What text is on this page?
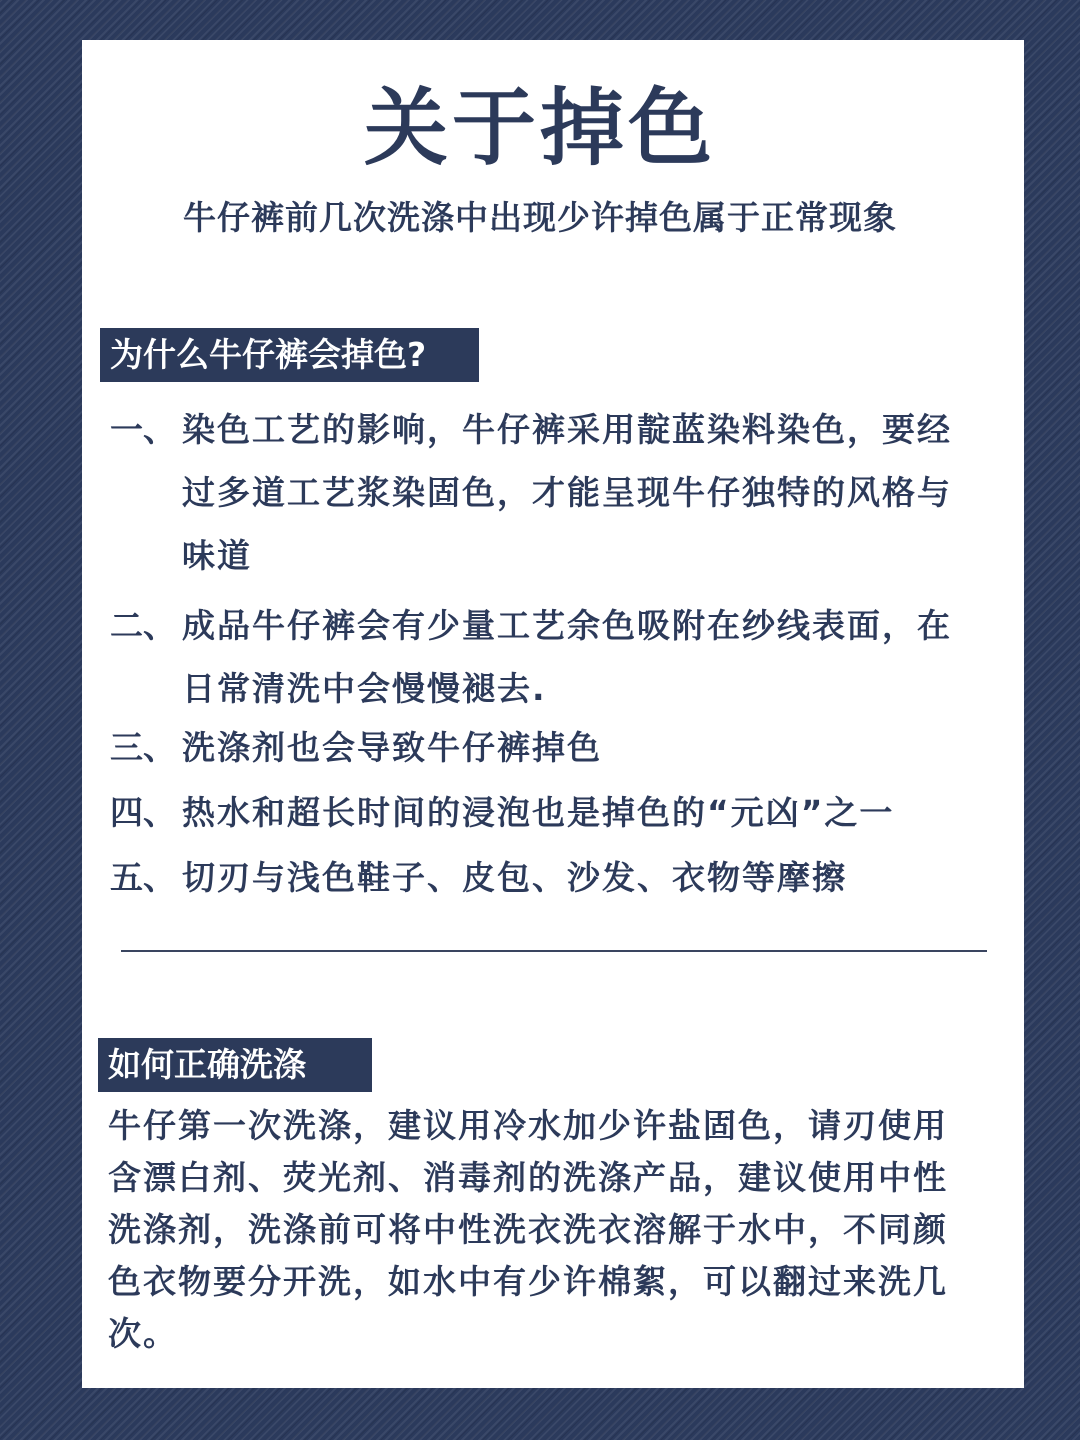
关于掉色
牛仔裤前几次洗涤中出现少许掉色属于正常现象
为什么牛仔裤会掉色?
一、 染色工艺的影响，牛仔裤采用靛蓝染料染色，要经过多道工艺浆染固色，才能呈现牛仔独特的风格与味道
二、 成品牛仔裤会有少量工艺余色吸附在纱线表面，在日常清洗中会慢慢褪去.
三、 洗涤剂也会导致牛仔裤掉色
四、 热水和超长时间的浸泡也是掉色的“元凶”之一
五、 切刃与浅色鞋子、皮包、沙发、衣物等摩擦
如何正确洗涤
牛仔第一次洗涤，建议用冷水加少许盐固色，请刃使用含漂白剂、荧光剂、消毒剂的洗涤产品，建议使用中性洗涤剂，洗涤前可将中性洗衣洗衣溶解于水中，不同颜色衣物要分开洗，如水中有少许棉絮，可以翻过来洗几次。
